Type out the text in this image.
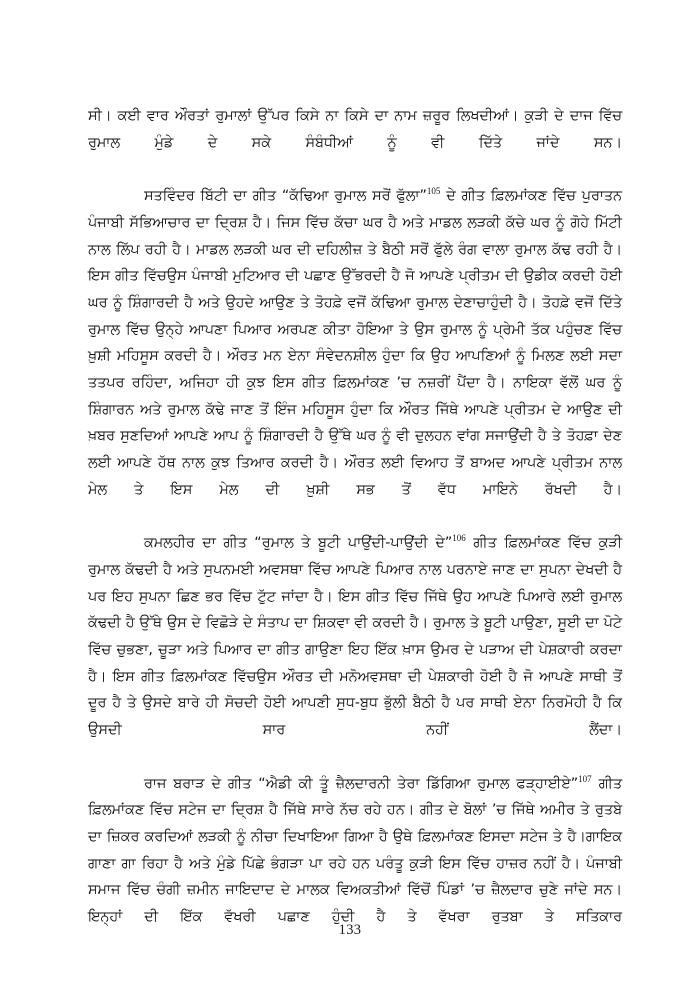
ਸੀ। ਕਈ ਵਾਰ ਔਰਤਾਂ ਰੁਮਾਲਾਂ ਉੱਪਰ ਕਿਸੇ ਨਾ ਕਿਸੇ ਦਾ ਨਾਮ ਜ਼ਰੂਰ ਲਿਖਦੀਆਂ। ਕੁੜੀ ਦੇ ਦਾਜ ਵਿੱਚ ਰੁਮਾਲ ਮੁੰਡੇ ਦੇ ਸਕੇ ਸੰਬੰਧੀਆਂ ਨੂੰ ਵੀ ਦਿੱਤੇ ਜਾਂਦੇ ਸਨ।

ਸਤਵਿੰਦਰ ਬਿੱਟੀ ਦਾ ਗੀਤ “ਕੱਢਿਆ ਰੁਮਾਲ ਸਰੋਂ ਫੁੱਲਾ”$^{105}$ ਦੇ ਗੀਤ ਫ਼ਿਲਮਾਂਕਣ ਵਿੱਚ ਪੁਰਾਤਨ ਪੰਜਾਬੀ ਸੱਭਿਆਚਾਰ ਦਾ ਦ੍ਰਿਸ਼ ਹੈ। ਜਿਸ ਵਿੱਚ ਕੱਚਾ ਘਰ ਹੈ ਅਤੇ ਮਾਡਲ ਲੜਕੀ ਕੱਚੇ ਘਰ ਨੂੰ ਗੋਹੇ ਮਿੱਟੀ ਨਾਲ ਲਿੱਪ ਰਹੀ ਹੈ। ਮਾਡਲ ਲੜਕੀ ਘਰ ਦੀ ਦਹਿਲੀਜ਼ ਤੇ ਬੈਠੀ ਸਰੋਂ ਫੁੱਲੇ ਰੰਗ ਵਾਲਾ ਰੁਮਾਲ ਕੱਢ ਰਹੀ ਹੈ। ਇਸ ਗੀਤ ਵਿੱਚਉਸ ਪੰਜਾਬੀ ਮੁਟਿਆਰ ਦੀ ਪਛਾਣ ਉੱਭਰਦੀ ਹੈ ਜੋ ਆਪਣੇ ਪ੍ਰੀਤਮ ਦੀ ਉਡੀਕ ਕਰਦੀ ਹੋਈ ਘਰ ਨੂੰ ਸ਼ਿੰਗਾਰਦੀ ਹੈ ਅਤੇ ਉਹਦੇ ਆਉਣ ਤੇ ਤੋਹਫ਼ੇ ਵਜੋਂ ਕੱਢਿਆ ਰੁਮਾਲ ਦੇਣਾਚਾਹੁੰਦੀ ਹੈ। ਤੋਹਫ਼ੇ ਵਜੋਂ ਦਿੱਤੇ ਰੁਮਾਲ ਵਿੱਚ ਉਨ੍ਹੇ ਆਪਣਾ ਪਿਆਰ ਅਰਪਣ ਕੀਤਾ ਹੋਇਆ ਤੇ ਉਸ ਰੁਮਾਲ ਨੂੰ ਪ੍ਰੇਮੀ ਤੱਕ ਪਹੁੰਚਣ ਵਿੱਚ ਖ਼ੁਸ਼ੀ ਮਹਿਸੂਸ ਕਰਦੀ ਹੈ। ਔਰਤ ਮਨ ਏਨਾ ਸੰਵੇਦਨਸ਼ੀਲ ਹੁੰਦਾ ਕਿ ਉਹ ਆਪਣਿਆਂ ਨੂੰ ਮਿਲਣ ਲਈ ਸਦਾ ਤਤਪਰ ਰਹਿੰਦਾ, ਅਜਿਹਾ ਹੀ ਕੁਝ ਇਸ ਗੀਤ ਫ਼ਿਲਮਾਂਕਣ ’ਚ ਨਜ਼ਰੀਂ ਪੈਂਦਾ ਹੈ। ਨਾਇਕਾ ਵੱਲੋਂ ਘਰ ਨੂੰ ਸ਼ਿੰਗਾਰਨ ਅਤੇ ਰੁਮਾਲ ਕੱਢੇ ਜਾਣ ਤੋਂ ਇੰਜ ਮਹਿਸੂਸ ਹੁੰਦਾ ਕਿ ਔਰਤ ਜਿੱਥੇ ਆਪਣੇ ਪ੍ਰੀਤਮ ਦੇ ਆਉਣ ਦੀ ਖ਼ਬਰ ਸੁਣਦਿਆਂ ਆਪਣੇ ਆਪ ਨੂੰ ਸ਼ਿੰਗਾਰਦੀ ਹੈ ਉੱਥੇ ਘਰ ਨੂੰ ਵੀ ਦੁਲਹਨ ਵਾਂਗ ਸਜਾਉਂਦੀ ਹੈ ਤੇ ਤੋਹਫ਼ਾ ਦੇਣ ਲਈ ਆਪਣੇ ਹੱਥ ਨਾਲ ਕੁਝ ਤਿਆਰ ਕਰਦੀ ਹੈ। ਔਰਤ ਲਈ ਵਿਆਹ ਤੋਂ ਬਾਅਦ ਆਪਣੇ ਪ੍ਰੀਤਮ ਨਾਲ ਮੇਲ ਤੇ ਇਸ ਮੇਲ ਦੀ ਖ਼ੁਸ਼ੀ ਸਭ ਤੋਂ ਵੱਧ ਮਾਇਨੇ ਰੱਖਦੀ ਹੈ।

ਕਮਲਹੀਰ ਦਾ ਗੀਤ “ਰੁਮਾਲ ਤੇ ਬੂਟੀ ਪਾਉਂਦੀ-ਪਾਉਂਦੀ ਦੇ”$^{106}$ ਗੀਤ ਫ਼ਿਲਮਾਂਕਣ ਵਿੱਚ ਕੁੜੀ ਰੁਮਾਲ ਕੱਢਦੀ ਹੈ ਅਤੇ ਸੁਪਨਮਈ ਅਵਸਥਾ ਵਿੱਚ ਆਪਣੇ ਪਿਆਰ ਨਾਲ ਪਰਨਾਏ ਜਾਣ ਦਾ ਸੁਪਨਾ ਦੇਖਦੀ ਹੈ ਪਰ ਇਹ ਸੁਪਨਾ ਛਿਣ ਭਰ ਵਿੱਚ ਟੁੱਟ ਜਾਂਦਾ ਹੈ। ਇਸ ਗੀਤ ਵਿੱਚ ਜਿੱਥੇ ਉਹ ਆਪਣੇ ਪਿਆਰੇ ਲਈ ਰੁਮਾਲ ਕੱਢਦੀ ਹੈ ਉੱਥੇ ਉਸ ਦੇ ਵਿਛੋੜੇ ਦੇ ਸੰਤਾਪ ਦਾ ਸ਼ਿਕਵਾ ਵੀ ਕਰਦੀ ਹੈ। ਰੁਮਾਲ ਤੇ ਬੂਟੀ ਪਾਉਣਾ, ਸੂਈ ਦਾ ਪੋਟੇ ਵਿੱਚ ਚੁਭਣਾ, ਚੂੜਾ ਅਤੇ ਪਿਆਰ ਦਾ ਗੀਤ ਗਾਉਣਾ ਇਹ ਇੱਕ ਖ਼ਾਸ ਉਮਰ ਦੇ ਪੜਾਅ ਦੀ ਪੇਸ਼ਕਾਰੀ ਕਰਦਾ ਹੈ। ਇਸ ਗੀਤ ਫ਼ਿਲਮਾਂਕਣ ਵਿੱਚਉਸ ਔਰਤ ਦੀ ਮਨੋਅਵਸਥਾ ਦੀ ਪੇਸ਼ਕਾਰੀ ਹੋਈ ਹੈ ਜੋ ਆਪਣੇ ਸਾਥੀ ਤੋਂ ਦੂਰ ਹੈ ਤੇ ਉਸਦੇ ਬਾਰੇ ਹੀ ਸੋਚਦੀ ਹੋਈ ਆਪਣੀ ਸੁਧ-ਬੁਧ ਭੁੱਲੀ ਬੈਠੀ ਹੈ ਪਰ ਸਾਥੀ ਏਨਾ ਨਿਰਮੋਹੀ ਹੈ ਕਿ ਉਸਦੀ ਸਾਰ ਨਹੀਂ ਲੈਂਦਾ।

ਰਾਜ ਬਰਾੜ ਦੇ ਗੀਤ “ਐਡੀ ਕੀ ਤੂੰ ਜ਼ੈਲਦਾਰਨੀ ਤੇਰਾ ਡਿੱਗਿਆ ਰੁਮਾਲ ਫੜ੍ਹਾਈਏ”$^{107}$ ਗੀਤ ਫ਼ਿਲਮਾਂਕਣ ਵਿੱਚ ਸਟੇਜ ਦਾ ਦ੍ਰਿਸ਼ ਹੈ ਜਿੱਥੇ ਸਾਰੇ ਨੱਚ ਰਹੇ ਹਨ। ਗੀਤ ਦੇ ਬੋਲਾਂ ’ਚ ਜਿੱਥੇ ਅਮੀਰ ਤੇ ਰੁਤਬੇ ਦਾ ਜ਼ਿਕਰ ਕਰਦਿਆਂ ਲੜਕੀ ਨੂੰ ਨੀਚਾ ਦਿਖਾਇਆ ਗਿਆ ਹੈ ਉਥੇ ਫ਼ਿਲਮਾਂਕਣ ਇਸਦਾ ਸਟੇਜ ਤੇ ਹੈ।ਗਾਇਕ ਗਾਣਾ ਗਾ ਰਿਹਾ ਹੈ ਅਤੇ ਮੁੰਡੇ ਪਿੱਛੇ ਭੰਗੜਾ ਪਾ ਰਹੇ ਹਨ ਪਰੰਤੂ ਕੁੜੀ ਇਸ ਵਿੱਚ ਹਾਜ਼ਰ ਨਹੀਂ ਹੈ। ਪੰਜਾਬੀ ਸਮਾਜ ਵਿੱਚ ਚੰਗੀ ਜ਼ਮੀਨ ਜਾਇਦਾਦ ਦੇ ਮਾਲਕ ਵਿਅਕਤੀਆਂ ਵਿੱਚੋਂ ਪਿੰਡਾਂ ’ਚ ਜ਼ੈਲਦਾਰ ਚੁਣੇ ਜਾਂਦੇ ਸਨ। ਇਨ੍ਹਾਂ ਦੀ ਇੱਕ ਵੱਖਰੀ ਪਛਾਣ ਹੁੰਦੀ ਹੈ ਤੇ ਵੱਖਰਾ ਰੁਤਬਾ ਤੇ ਸਤਿਕਾਰ

133
